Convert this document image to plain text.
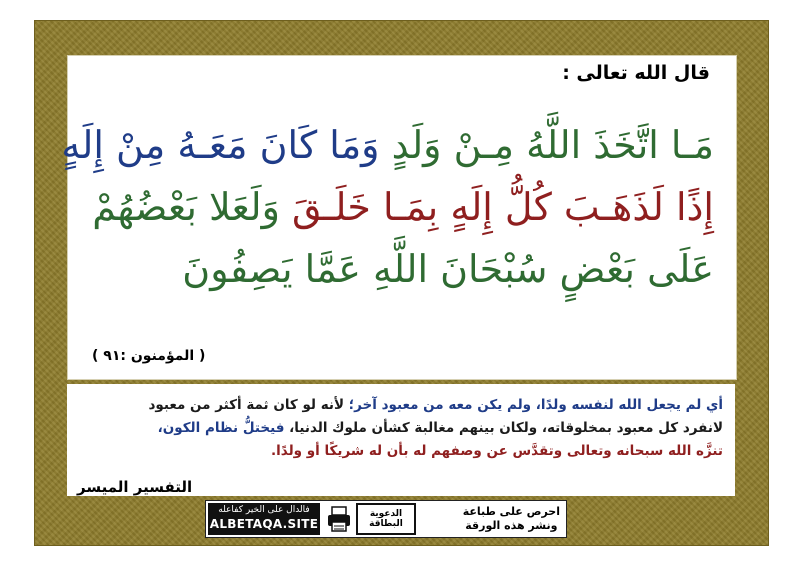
قال الله تعالى :
مَـا اتَّخَذَ اللَّهُ مِـنْ وَلَدٍ وَمَا كَانَ مَعَـهُ مِنْ إِلَهٍ
إِذًا لَذَهَـبَ كُلُّ إِلَهٍ بِمَـا خَلَـقَ وَلَعَلا بَعْضُهُمْ
عَلَى بَعْضٍ سُبْحَانَ اللَّهِ عَمَّا يَصِفُونَ
( المؤمنون :٩١ )
أي لم يجعل الله لنفسه ولدًا، ولم يكن معه من معبود آخر؛ لأنه لو كان ثمة أكثر من معبود
لانفرد كل معبود بمخلوقاته، ولكان بينهم مغالبة كشأن ملوك الدنيا، فيختلُّ نظام الكون،
تنزَّه الله سبحانه وتعالى وتقدَّس عن وصفهم له بأن له شريكًا أو ولدًا.
التفسير الميسر
احرص على طباعة
ونشر هذه الورقة
الدعوية البطاقة
فالدال على الخير كفاعله
ALBETAQA.SITE
